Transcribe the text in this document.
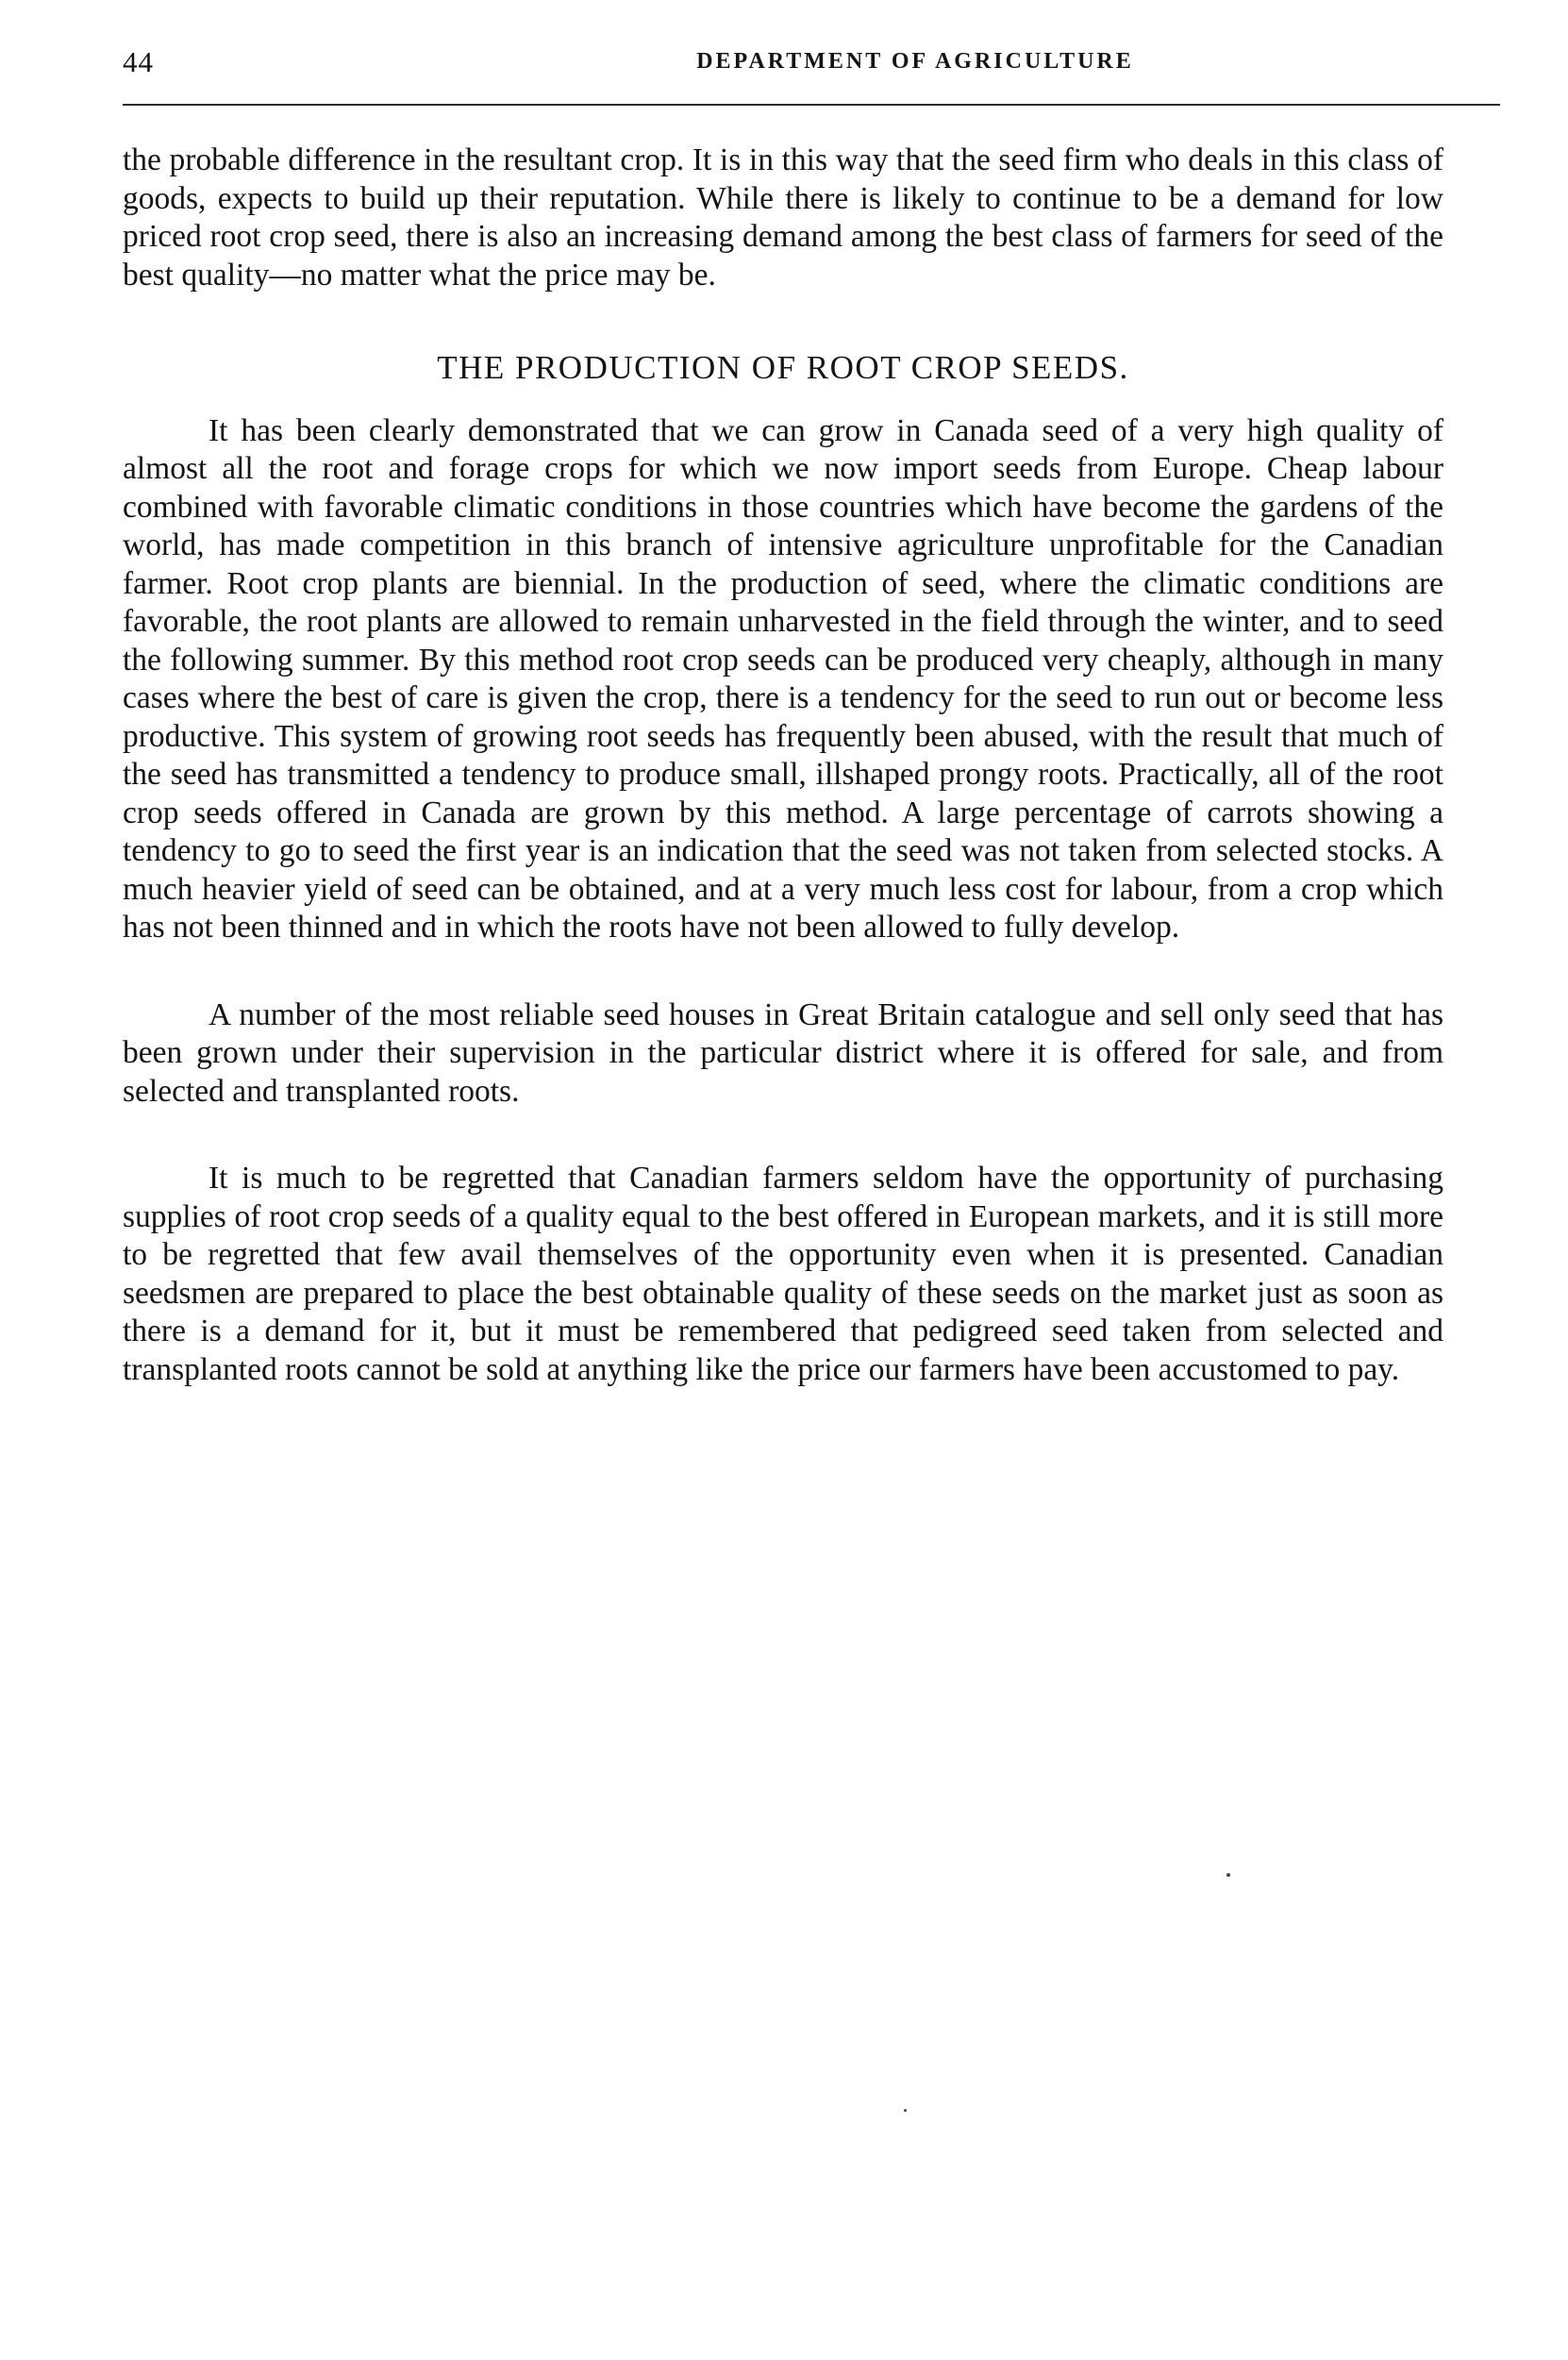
44	DEPARTMENT OF AGRICULTURE

the probable difference in the resultant crop. It is in this way that the seed firm who deals in this class of goods, expects to build up their reputation. While there is likely to continue to be a demand for low priced root crop seed, there is also an increasing demand among the best class of farmers for seed of the best quality—no matter what the price may be.

THE PRODUCTION OF ROOT CROP SEEDS.

It has been clearly demonstrated that we can grow in Canada seed of a very high quality of almost all the root and forage crops for which we now import seeds from Europe. Cheap labour combined with favorable climatic conditions in those countries which have become the gardens of the world, has made competition in this branch of intensive agriculture unprofitable for the Canadian farmer. Root crop plants are biennial. In the production of seed, where the climatic conditions are favorable, the root plants are allowed to remain unharvested in the field through the winter, and to seed the following summer. By this method root crop seeds can be produced very cheaply, although in many cases where the best of care is given the crop, there is a tendency for the seed to run out or become less productive. This system of growing root seeds has frequently been abused, with the result that much of the seed has transmitted a tendency to produce small, illshaped prongy roots. Practically, all of the root crop seeds offered in Canada are grown by this method. A large percentage of carrots showing a tendency to go to seed the first year is an indication that the seed was not taken from selected stocks. A much heavier yield of seed can be obtained, and at a very much less cost for labour, from a crop which has not been thinned and in which the roots have not been allowed to fully develop.

A number of the most reliable seed houses in Great Britain catalogue and sell only seed that has been grown under their supervision in the particular district where it is offered for sale, and from selected and transplanted roots.

It is much to be regretted that Canadian farmers seldom have the opportunity of purchasing supplies of root crop seeds of a quality equal to the best offered in European markets, and it is still more to be regretted that few avail themselves of the opportunity even when it is presented. Canadian seedsmen are prepared to place the best obtainable quality of these seeds on the market just as soon as there is a demand for it, but it must be remembered that pedigreed seed taken from selected and transplanted roots cannot be sold at anything like the price our farmers have been accustomed to pay.
